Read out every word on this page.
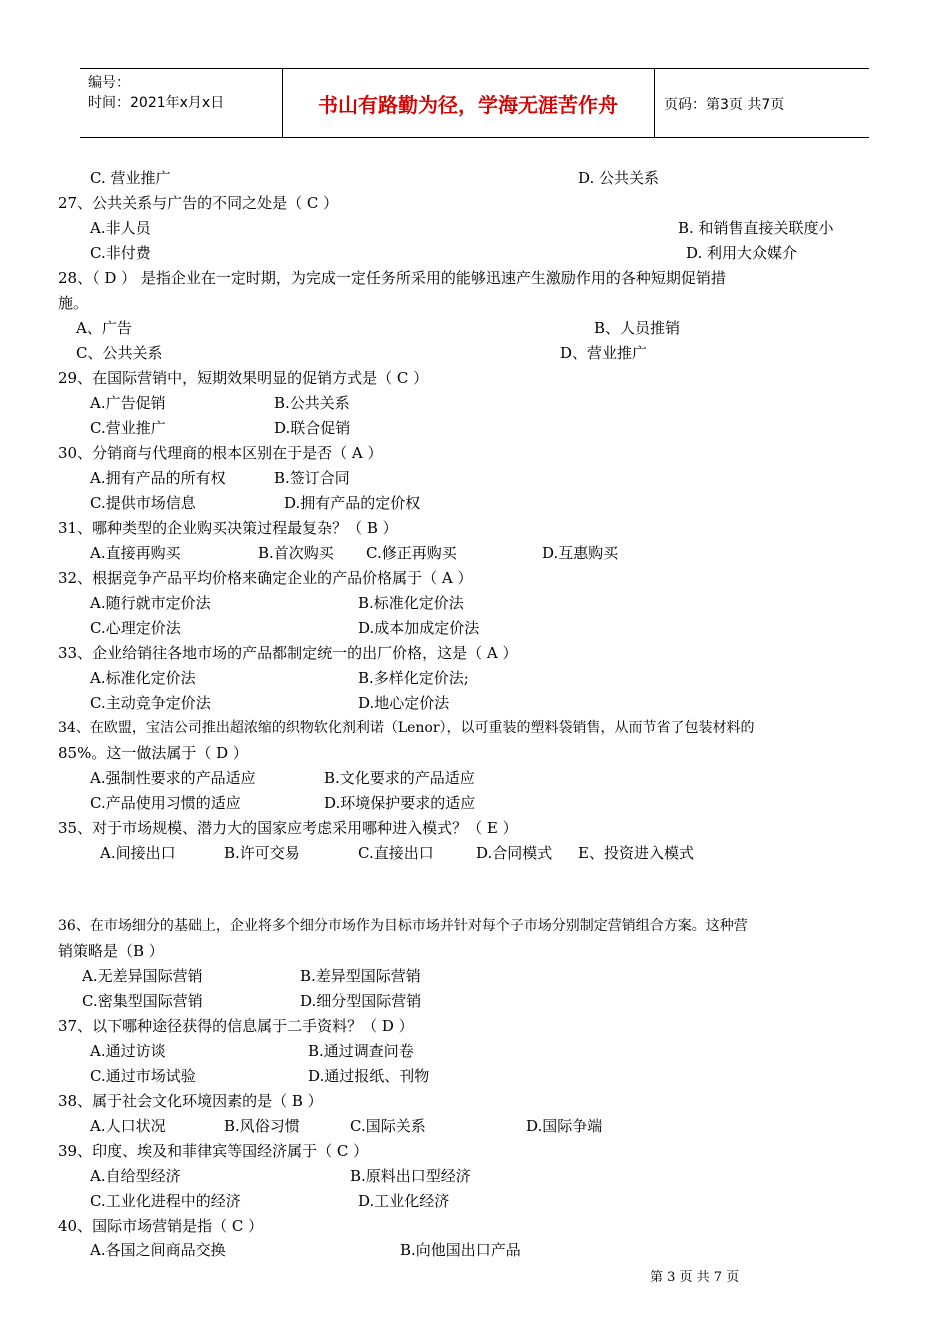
编号：
时间：2021年x月x日	书山有路勤为径，学海无涯苦作舟	页码：第3页 共7页
C. 营业推广	D. 公共关系
27、公共关系与广告的不同之处是（ C ）
A.非人员	B. 和销售直接关联度小
C.非付费	D. 利用大众媒介
28、（ D ） 是指企业在一定时期，为完成一定任务所采用的能够迅速产生激励作用的各种短期促销措
施。
A、广告	B、人员推销
C、公共关系	D、营业推广
29、在国际营销中，短期效果明显的促销方式是（ C ）
A.广告促销	B.公共关系
C.营业推广	D.联合促销
30、分销商与代理商的根本区别在于是否（ A ）
A.拥有产品的所有权	B.签订合同
C.提供市场信息	D.拥有产品的定价权
31、哪种类型的企业购买决策过程最复杂？（ B ）
A.直接再购买	B.首次购买 C.修正再购买	D.互惠购买
32、根据竞争产品平均价格来确定企业的产品价格属于（ A ）
A.随行就市定价法	B.标准化定价法
C.心理定价法	D.成本加成定价法
33、企业给销往各地市场的产品都制定统一的出厂价格，这是（ A ）
A.标准化定价法	B.多样化定价法;
C.主动竞争定价法	D.地心定价法
34、在欧盟，宝洁公司推出超浓缩的织物软化剂利诺（Lenor），以可重装的塑料袋销售，从而节省了包装材料的
85%。这一做法属于（ D ）
A.强制性要求的产品适应	B.文化要求的产品适应
C.产品使用习惯的适应	D.环境保护要求的适应
35、对于市场规模、潜力大的国家应考虑采用哪种进入模式？（ E ）
A.间接出口	B.许可交易	C.直接出口	D.合同模式 E、投资进入模式
36、在市场细分的基础上，企业将多个细分市场作为目标市场并针对每个子市场分别制定营销组合方案。这种营
销策略是（B ）
A.无差异国际营销	B.差异型国际营销
C.密集型国际营销	D.细分型国际营销
37、以下哪种途径获得的信息属于二手资料？（ D ）
A.通过访谈	B.通过调查问卷
C.通过市场试验	D.通过报纸、刊物
38、属于社会文化环境因素的是（ B ）
A.人口状况	B.风俗习惯	C.国际关系	D.国际争端
39、印度、埃及和菲律宾等国经济属于（ C ）
A.自给型经济	B.原料出口型经济
C.工业化进程中的经济	D.工业化经济
40、国际市场营销是指（ C ）
A.各国之间商品交换	B.向他国出口产品
第 3 页 共 7 页
